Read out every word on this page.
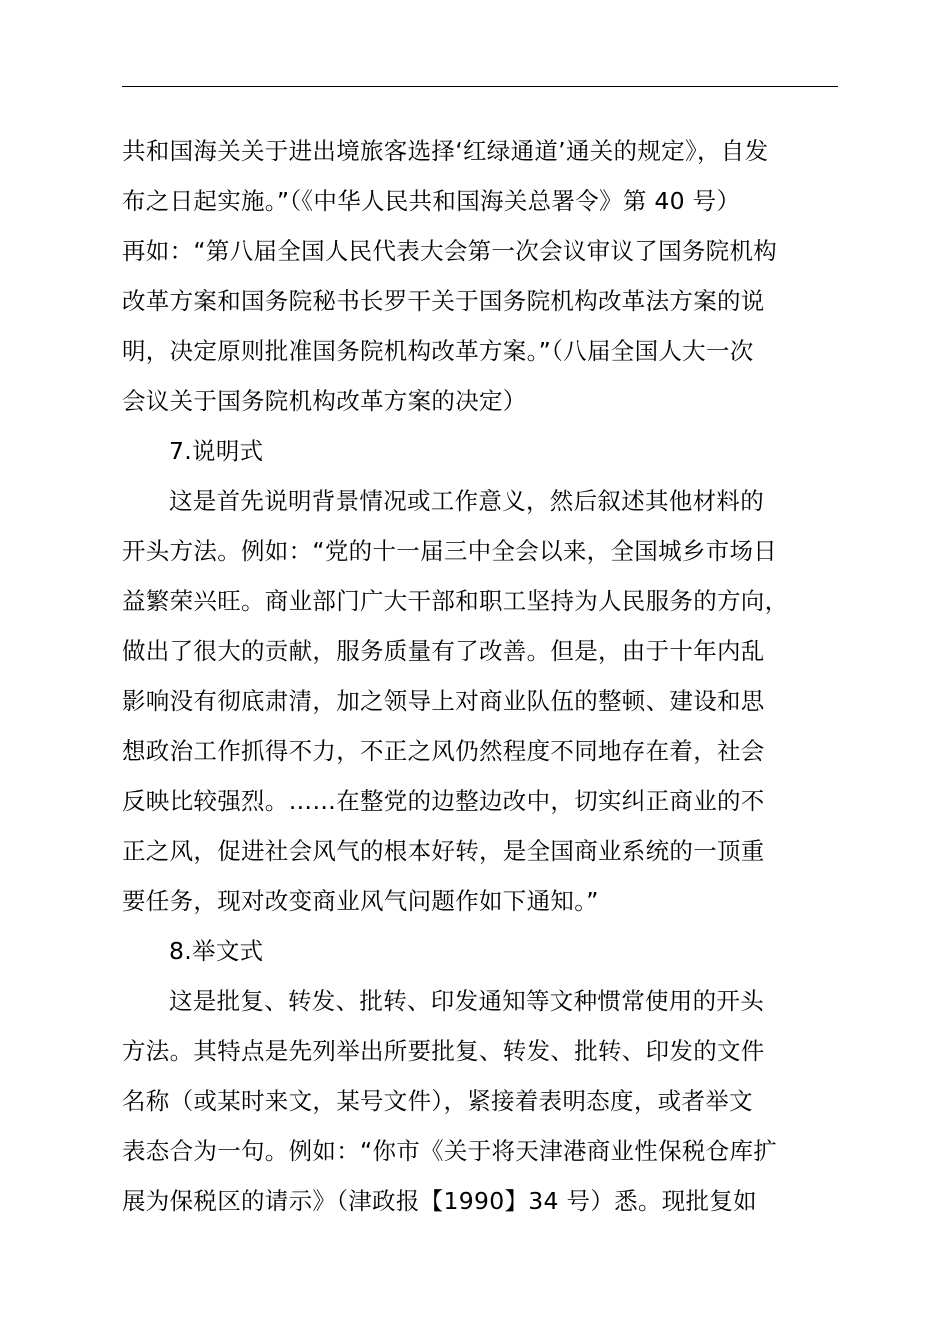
共和国海关关于进出境旅客选择‘红绿通道’通关的规定》，自发
布之日起实施。”（《中华人民共和国海关总署令》第 40 号）
再如：“第八届全国人民代表大会第一次会议审议了国务院机构
改革方案和国务院秘书长罗干关于国务院机构改革法方案的说
明，决定原则批准国务院机构改革方案。”（八届全国人大一次
会议关于国务院机构改革方案的决定）
7.说明式
这是首先说明背景情况或工作意义，然后叙述其他材料的
开头方法。例如：“党的十一届三中全会以来，全国城乡市场日
益繁荣兴旺。商业部门广大干部和职工坚持为人民服务的方向，
做出了很大的贡献，服务质量有了改善。但是，由于十年内乱
影响没有彻底肃清，加之领导上对商业队伍的整顿、建设和思
想政治工作抓得不力，不正之风仍然程度不同地存在着，社会
反映比较强烈。……在整党的边整边改中，切实纠正商业的不
正之风，促进社会风气的根本好转，是全国商业系统的一顶重
要任务，现对改变商业风气问题作如下通知。”
8.举文式
这是批复、转发、批转、印发通知等文种惯常使用的开头
方法。其特点是先列举出所要批复、转发、批转、印发的文件
名称（或某时来文，某号文件），紧接着表明态度，或者举文
表态合为一句。例如：“你市《关于将天津港商业性保税仓库扩
展为保税区的请示》（津政报【1990】34 号）悉。现批复如
